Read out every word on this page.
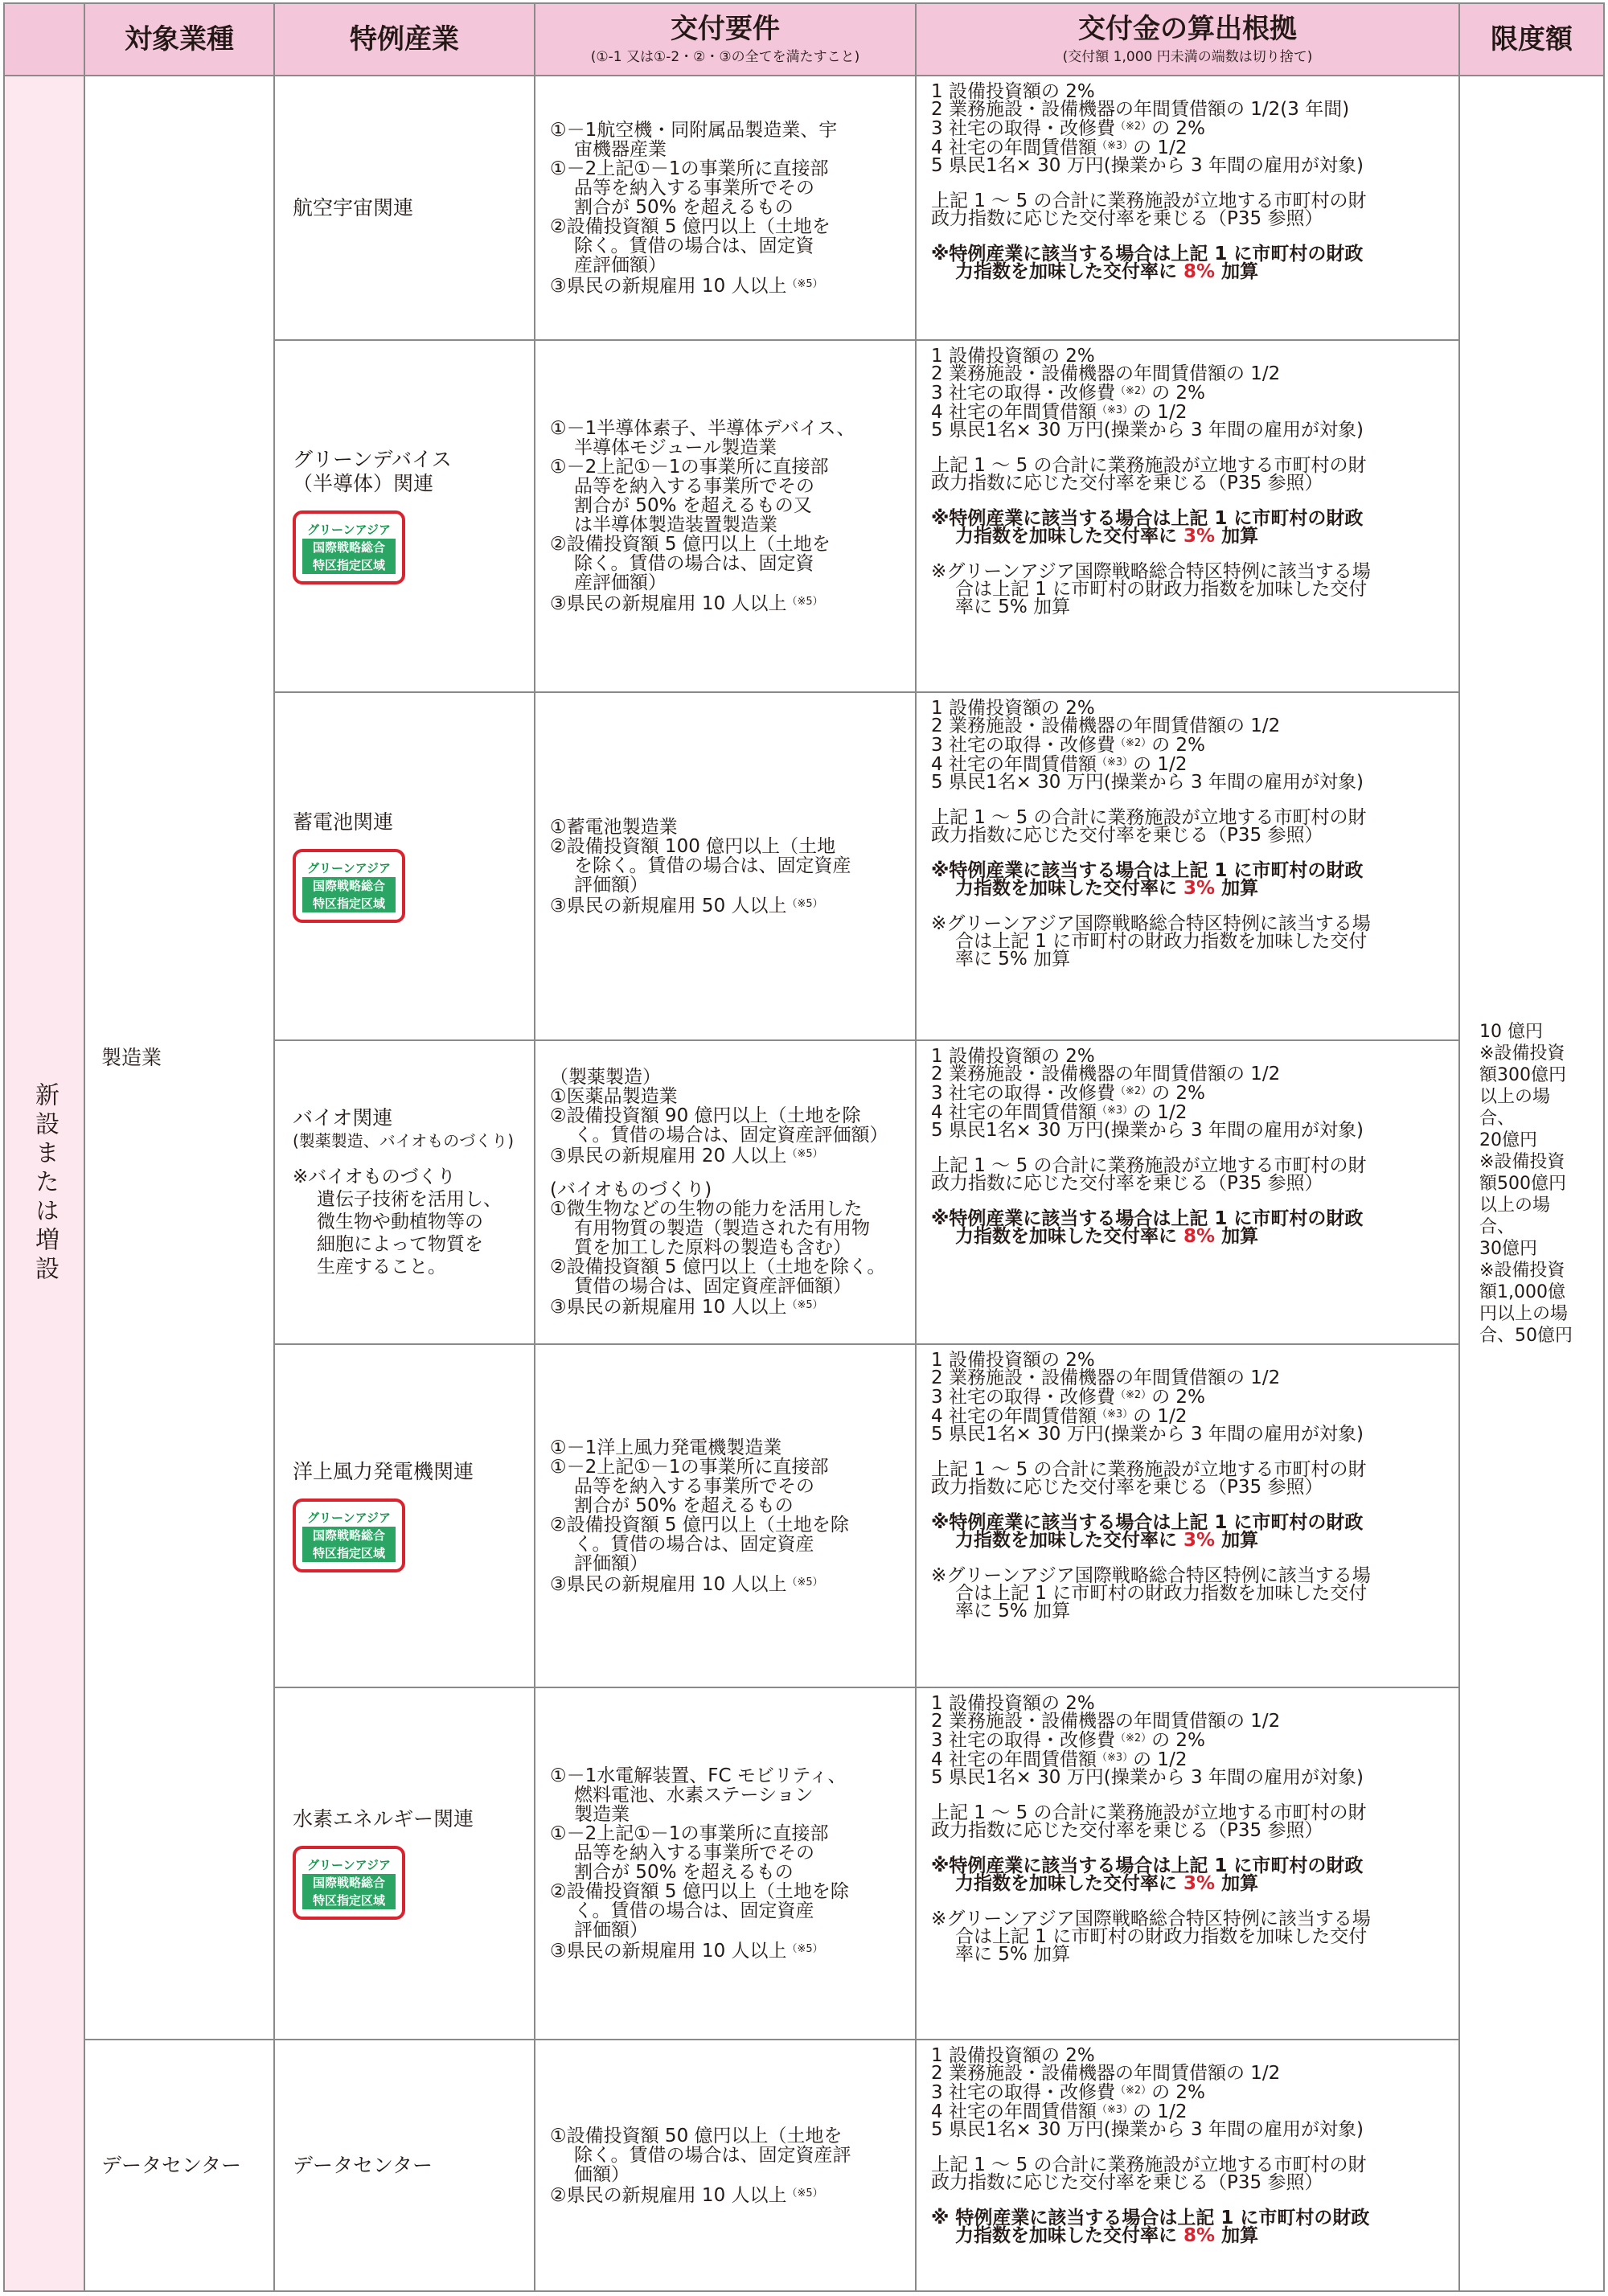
対象業種	特例産業	交付要件
(①-1 又は①-2・②・③の全てを満たすこと)
交付金の算出根拠
(交付額 1,000 円未満の端数は切り捨て)
限度額
新設または増設
製造業
データセンター
10 億円
※設備投資
額300億円
以上の場合、
20億円
※設備投資
額500億円
以上の場合、
30億円
※設備投資
額1,000億
円以上の場
合、50億円
航空宇宙関連
①－1航空機・同附属品製造業、宇
宙機器産業
①－2上記①－1の事業所に直接部
品等を納入する事業所でその
割合が 50% を超えるもの
②設備投資額 5 億円以上（土地を
除く。賃借の場合は、固定資
産評価額）
③県民の新規雇用 10 人以上$^{(※5)}$
1 設備投資額の 2%
2 業務施設・設備機器の年間賃借額の 1/2(3 年間)
3 社宅の取得・改修費$^{(※2)}$の 2%
4 社宅の年間賃借額$^{(※3)}$の 1/2
5 県民1名× 30 万円(操業から 3 年間の雇用が対象)
上記 1 ～ 5 の合計に業務施設が立地する市町村の財
政力指数に応じた交付率を乗じる（P35 参照）
※特例産業に該当する場合は上記 1 に市町村の財政
力指数を加味した交付率に 8% 加算
グリーンデバイス
（半導体）関連
グリーンアジア
国際戦略総合
特区指定区域
①－1半導体素子、半導体デバイス、
半導体モジュール製造業
①－2上記①－1の事業所に直接部
品等を納入する事業所でその
割合が 50% を超えるもの又
は半導体製造装置製造業
②設備投資額 5 億円以上（土地を
除く。賃借の場合は、固定資
産評価額）
③県民の新規雇用 10 人以上$^{(※5)}$
1 設備投資額の 2%
2 業務施設・設備機器の年間賃借額の 1/2
3 社宅の取得・改修費$^{(※2)}$の 2%
4 社宅の年間賃借額$^{(※3)}$の 1/2
5 県民1名× 30 万円(操業から 3 年間の雇用が対象)
上記 1 ～ 5 の合計に業務施設が立地する市町村の財
政力指数に応じた交付率を乗じる（P35 参照）
※特例産業に該当する場合は上記 1 に市町村の財政
力指数を加味した交付率に 3% 加算
※グリーンアジア国際戦略総合特区特例に該当する場
合は上記 1 に市町村の財政力指数を加味した交付
率に 5% 加算
蓄電池関連
グリーンアジア
国際戦略総合
特区指定区域
①蓄電池製造業
②設備投資額 100 億円以上（土地
を除く。賃借の場合は、固定資産
評価額）
③県民の新規雇用 50 人以上$^{(※5)}$
1 設備投資額の 2%
2 業務施設・設備機器の年間賃借額の 1/2
3 社宅の取得・改修費$^{(※2)}$の 2%
4 社宅の年間賃借額$^{(※3)}$の 1/2
5 県民1名× 30 万円(操業から 3 年間の雇用が対象)
上記 1 ～ 5 の合計に業務施設が立地する市町村の財
政力指数に応じた交付率を乗じる（P35 参照）
※特例産業に該当する場合は上記 1 に市町村の財政
力指数を加味した交付率に 3% 加算
※グリーンアジア国際戦略総合特区特例に該当する場
合は上記 1 に市町村の財政力指数を加味した交付
率に 5% 加算
バイオ関連
(製薬製造、バイオものづくり)
※バイオものづくり
遺伝子技術を活用し、
微生物や動植物等の
細胞によって物質を
生産すること。
（製薬製造）
①医薬品製造業
②設備投資額 90 億円以上（土地を除
く。賃借の場合は、固定資産評価額）
③県民の新規雇用 20 人以上$^{(※5)}$
(バイオものづくり)
①微生物などの生物の能力を活用した
有用物質の製造（製造された有用物
質を加工した原料の製造も含む）
②設備投資額 5 億円以上（土地を除く。
賃借の場合は、固定資産評価額）
③県民の新規雇用 10 人以上$^{(※5)}$
1 設備投資額の 2%
2 業務施設・設備機器の年間賃借額の 1/2
3 社宅の取得・改修費$^{(※2)}$の 2%
4 社宅の年間賃借額$^{(※3)}$の 1/2
5 県民1名× 30 万円(操業から 3 年間の雇用が対象)
上記 1 ～ 5 の合計に業務施設が立地する市町村の財
政力指数に応じた交付率を乗じる（P35 参照）
※特例産業に該当する場合は上記 1 に市町村の財政
力指数を加味した交付率に 8% 加算
洋上風力発電機関連
グリーンアジア
国際戦略総合
特区指定区域
①－1洋上風力発電機製造業
①－2上記①－1の事業所に直接部
品等を納入する事業所でその
割合が 50% を超えるもの
②設備投資額 5 億円以上（土地を除
く。賃借の場合は、固定資産
評価額）
③県民の新規雇用 10 人以上$^{(※5)}$
1 設備投資額の 2%
2 業務施設・設備機器の年間賃借額の 1/2
3 社宅の取得・改修費$^{(※2)}$の 2%
4 社宅の年間賃借額$^{(※3)}$の 1/2
5 県民1名× 30 万円(操業から 3 年間の雇用が対象)
上記 1 ～ 5 の合計に業務施設が立地する市町村の財
政力指数に応じた交付率を乗じる（P35 参照）
※特例産業に該当する場合は上記 1 に市町村の財政
力指数を加味した交付率に 3% 加算
※グリーンアジア国際戦略総合特区特例に該当する場
合は上記 1 に市町村の財政力指数を加味した交付
率に 5% 加算
水素エネルギー関連
グリーンアジア
国際戦略総合
特区指定区域
①－1水電解装置、FC モビリティ、
燃料電池、水素ステーション
製造業
①－2上記①－1の事業所に直接部
品等を納入する事業所でその
割合が 50% を超えるもの
②設備投資額 5 億円以上（土地を除
く。賃借の場合は、固定資産
評価額）
③県民の新規雇用 10 人以上$^{(※5)}$
1 設備投資額の 2%
2 業務施設・設備機器の年間賃借額の 1/2
3 社宅の取得・改修費$^{(※2)}$の 2%
4 社宅の年間賃借額$^{(※3)}$の 1/2
5 県民1名× 30 万円(操業から 3 年間の雇用が対象)
上記 1 ～ 5 の合計に業務施設が立地する市町村の財
政力指数に応じた交付率を乗じる（P35 参照）
※特例産業に該当する場合は上記 1 に市町村の財政
力指数を加味した交付率に 3% 加算
※グリーンアジア国際戦略総合特区特例に該当する場
合は上記 1 に市町村の財政力指数を加味した交付
率に 5% 加算
データセンター
①設備投資額 50 億円以上（土地を
除く。賃借の場合は、固定資産評
価額）
②県民の新規雇用 10 人以上$^{(※5)}$
1 設備投資額の 2%
2 業務施設・設備機器の年間賃借額の 1/2
3 社宅の取得・改修費$^{(※2)}$の 2%
4 社宅の年間賃借額$^{(※3)}$の 1/2
5 県民1名× 30 万円(操業から 3 年間の雇用が対象)
上記 1 ～ 5 の合計に業務施設が立地する市町村の財
政力指数に応じた交付率を乗じる（P35 参照）
※ 特例産業に該当する場合は上記 1 に市町村の財政
力指数を加味した交付率に 8% 加算
